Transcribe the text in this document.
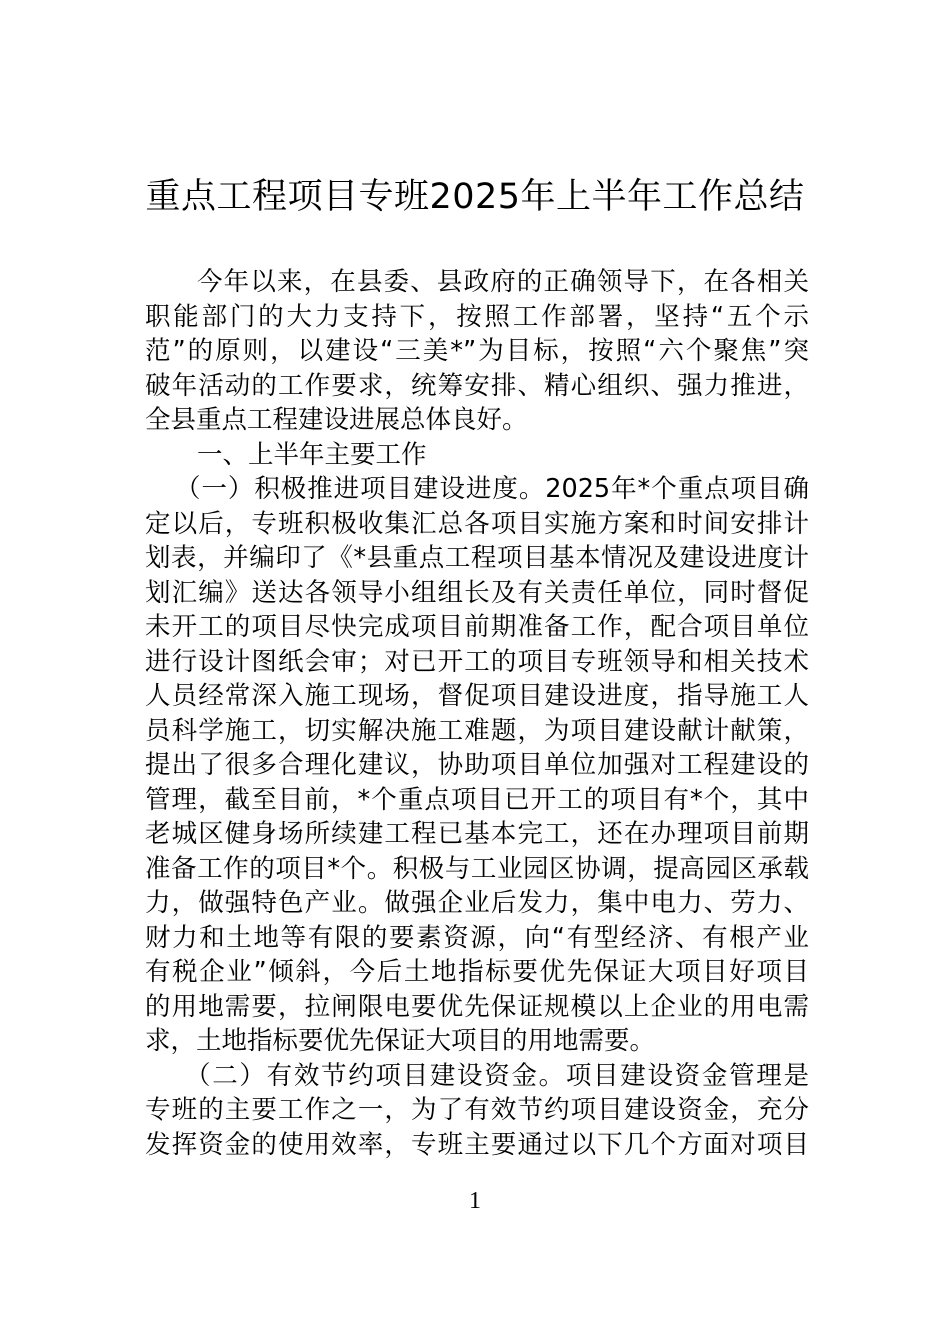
重点工程项目专班2025年上半年工作总结
今年以来，在县委、县政府的正确领导下，在各相关
职能部门的大力支持下，按照工作部署，坚持“五个示
范”的原则，以建设“三美*”为目标，按照“六个聚焦”突
破年活动的工作要求，统筹安排、精心组织、强力推进，
全县重点工程建设进展总体良好。
一、上半年主要工作
（一）积极推进项目建设进度。2025年*个重点项目确
定以后，专班积极收集汇总各项目实施方案和时间安排计
划表，并编印了《*县重点工程项目基本情况及建设进度计
划汇编》送达各领导小组组长及有关责任单位，同时督促
未开工的项目尽快完成项目前期准备工作，配合项目单位
进行设计图纸会审；对已开工的项目专班领导和相关技术
人员经常深入施工现场，督促项目建设进度，指导施工人
员科学施工，切实解决施工难题，为项目建设献计献策，
提出了很多合理化建议，协助项目单位加强对工程建设的
管理，截至目前，*个重点项目已开工的项目有*个，其中
老城区健身场所续建工程已基本完工，还在办理项目前期
准备工作的项目*个。积极与工业园区协调，提高园区承载
力，做强特色产业。做强企业后发力，集中电力、劳力、
财力和土地等有限的要素资源，向“有型经济、有根产业
有税企业”倾斜，今后土地指标要优先保证大项目好项目
的用地需要，拉闸限电要优先保证规模以上企业的用电需
求，土地指标要优先保证大项目的用地需要。
（二）有效节约项目建设资金。项目建设资金管理是
专班的主要工作之一，为了有效节约项目建设资金，充分
发挥资金的使用效率，专班主要通过以下几个方面对项目
1
